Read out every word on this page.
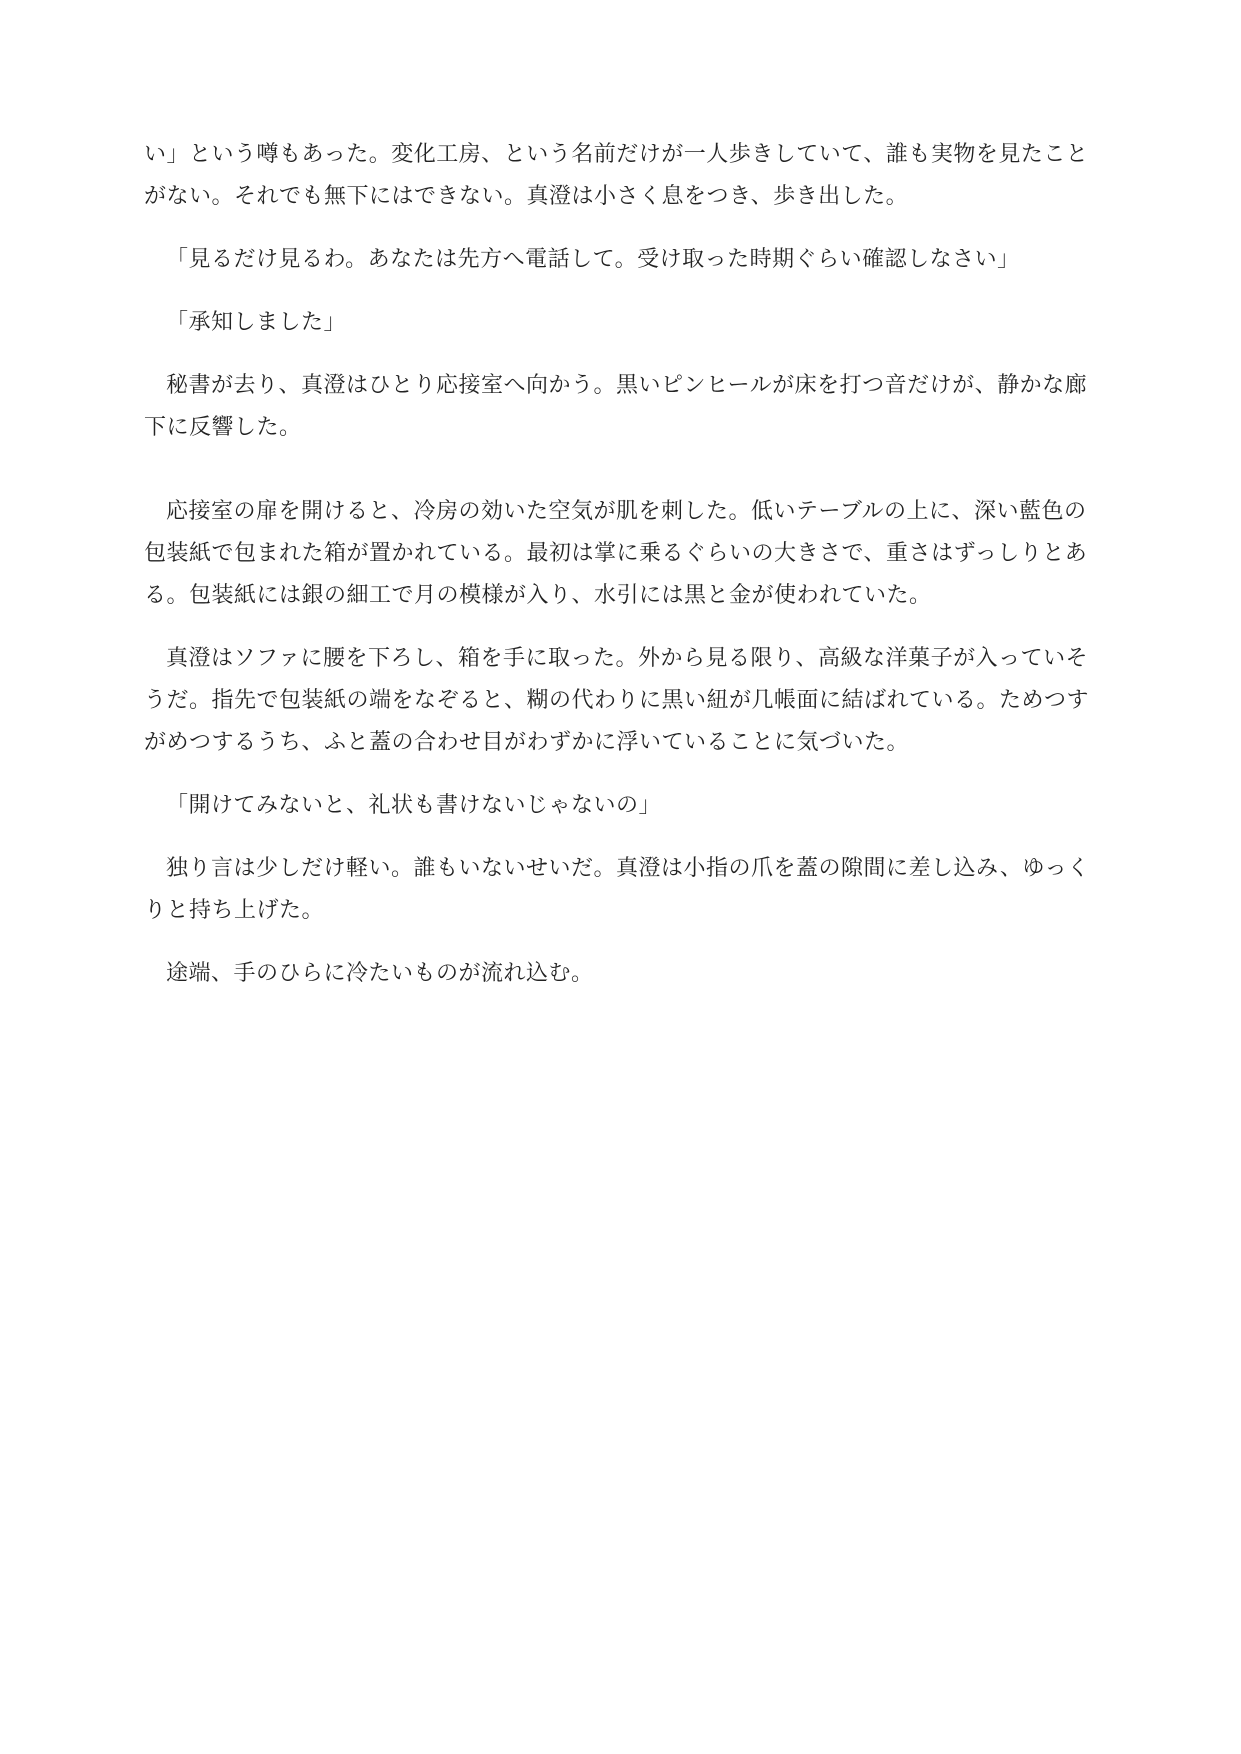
い」という噂もあった。変化工房、という名前だけが一人歩きしていて、誰も実物を見たことがない。それでも無下にはできない。真澄は小さく息をつき、歩き出した。

「見るだけ見るわ。あなたは先方へ電話して。受け取った時期ぐらい確認しなさい」

「承知しました」

秘書が去り、真澄はひとり応接室へ向かう。黒いピンヒールが床を打つ音だけが、静かな廊下に反響した。

応接室の扉を開けると、冷房の効いた空気が肌を刺した。低いテーブルの上に、深い藍色の包装紙で包まれた箱が置かれている。最初は掌に乗るぐらいの大きさで、重さはずっしりとある。包装紙には銀の細工で月の模様が入り、水引には黒と金が使われていた。

真澄はソファに腰を下ろし、箱を手に取った。外から見る限り、高級な洋菓子が入っていそうだ。指先で包装紙の端をなぞると、糊の代わりに黒い紐が几帳面に結ばれている。ためつすがめつするうち、ふと蓋の合わせ目がわずかに浮いていることに気づいた。

「開けてみないと、礼状も書けないじゃないの」

独り言は少しだけ軽い。誰もいないせいだ。真澄は小指の爪を蓋の隙間に差し込み、ゆっくりと持ち上げた。

途端、手のひらに冷たいものが流れ込む。
